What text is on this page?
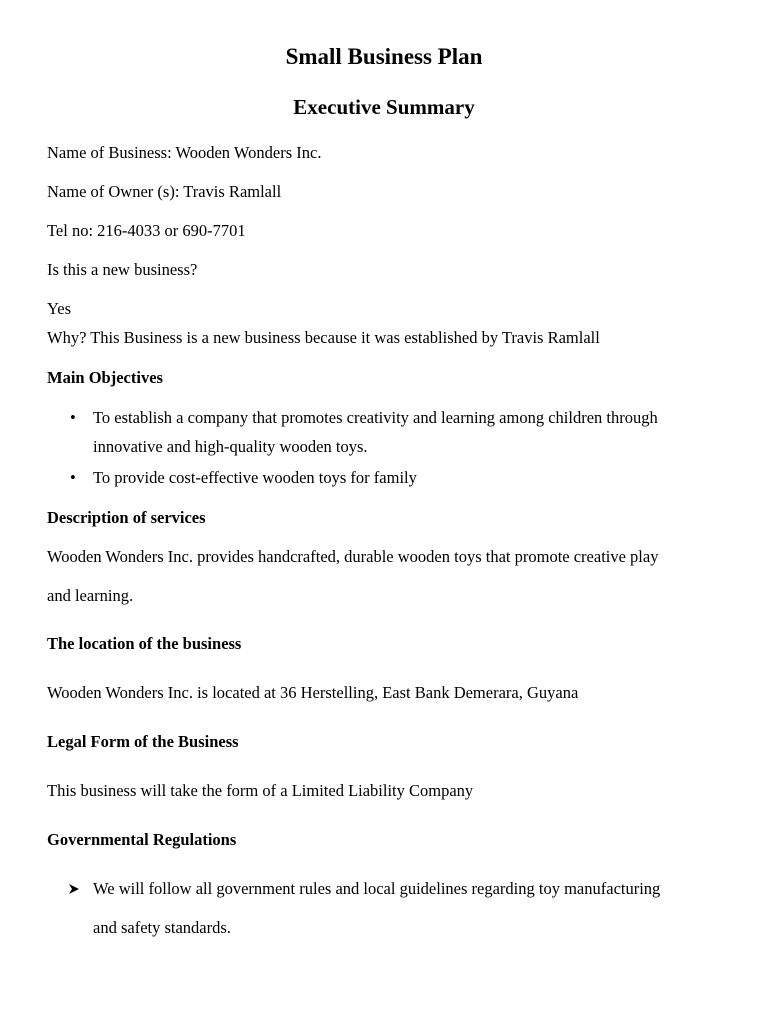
Small Business Plan
Executive Summary
Name of Business: Wooden Wonders Inc.
Name of Owner (s): Travis Ramlall
Tel no: 216-4033 or 690-7701
Is this a new business?
Yes
Why? This Business is a new business because it was established by Travis Ramlall
Main Objectives
• To establish a company that promotes creativity and learning among children through
innovative and high-quality wooden toys.
• To provide cost-effective wooden toys for family
Description of services
Wooden Wonders Inc. provides handcrafted, durable wooden toys that promote creative play
and learning.
The location of the business
Wooden Wonders Inc. is located at 36 Herstelling, East Bank Demerara, Guyana
Legal Form of the Business
This business will take the form of a Limited Liability Company
Governmental Regulations
We will follow all government rules and local guidelines regarding toy manufacturing
and safety standards.
